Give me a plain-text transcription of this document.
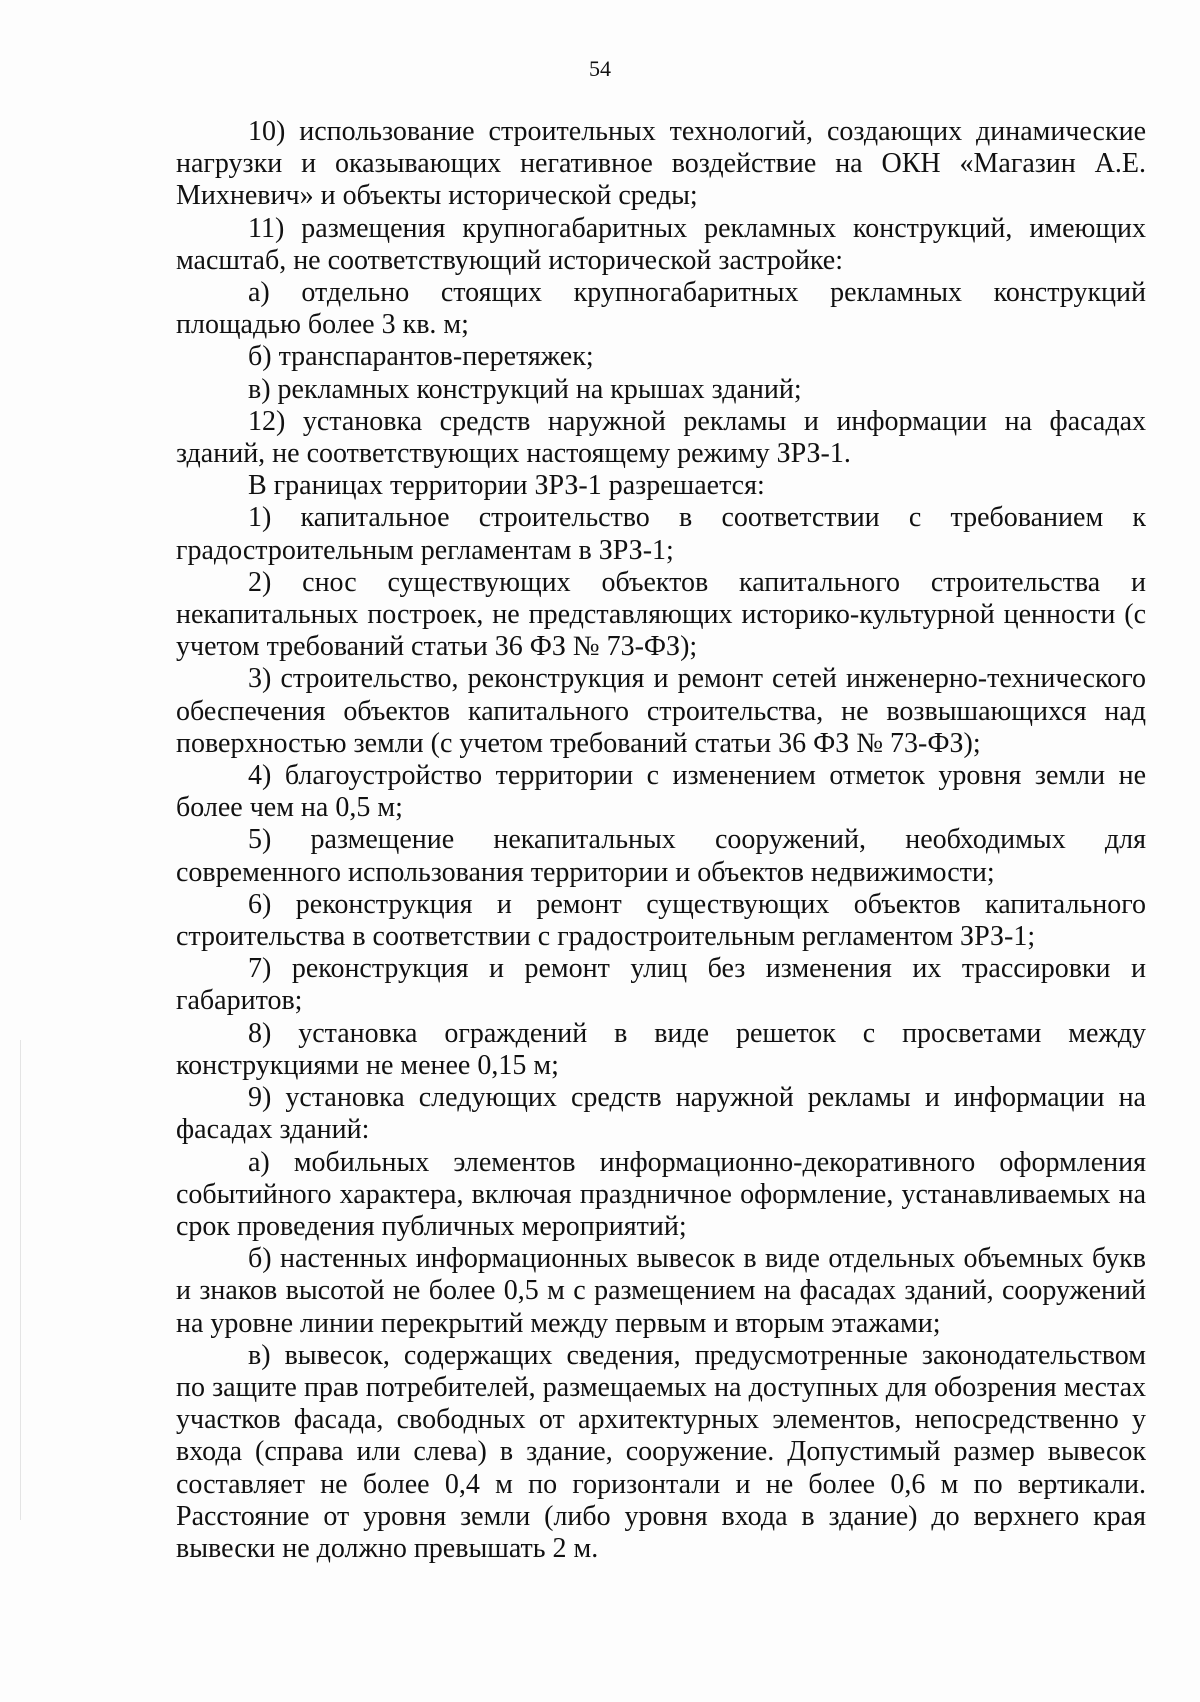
54

10) использование строительных технологий, создающих динамические нагрузки и оказывающих негативное воздействие на ОКН «Магазин А.Е. Михневич» и объекты исторической среды;

11) размещения крупногабаритных рекламных конструкций, имеющих масштаб, не соответствующий исторической застройке:

а) отдельно стоящих крупногабаритных рекламных конструкций площадью более 3 кв. м;

б) транспарантов-перетяжек;

в) рекламных конструкций на крышах зданий;

12) установка средств наружной рекламы и информации на фасадах зданий, не соответствующих настоящему режиму ЗРЗ-1.

В границах территории ЗРЗ-1 разрешается:

1) капитальное строительство в соответствии с требованием к градостроительным регламентам в ЗРЗ-1;

2) снос существующих объектов капитального строительства и некапитальных построек, не представляющих историко-культурной ценности (с учетом требований статьи 36 ФЗ № 73-ФЗ);

3) строительство, реконструкция и ремонт сетей инженерно-технического обеспечения объектов капитального строительства, не возвышающихся над поверхностью земли (с учетом требований статьи 36 ФЗ № 73-ФЗ);

4) благоустройство территории с изменением отметок уровня земли не более чем на 0,5 м;

5) размещение некапитальных сооружений, необходимых для современного использования территории и объектов недвижимости;

6) реконструкция и ремонт существующих объектов капитального строительства в соответствии с градостроительным регламентом ЗРЗ-1;

7) реконструкция и ремонт улиц без изменения их трассировки и габаритов;

8) установка ограждений в виде решеток с просветами между конструкциями не менее 0,15 м;

9) установка следующих средств наружной рекламы и информации на фасадах зданий:

а) мобильных элементов информационно-декоративного оформления событийного характера, включая праздничное оформление, устанавливаемых на срок проведения публичных мероприятий;

б) настенных информационных вывесок в виде отдельных объемных букв и знаков высотой не более 0,5 м с размещением на фасадах зданий, сооружений на уровне линии перекрытий между первым и вторым этажами;

в) вывесок, содержащих сведения, предусмотренные законодательством по защите прав потребителей, размещаемых на доступных для обозрения местах участков фасада, свободных от архитектурных элементов, непосредственно у входа (справа или слева) в здание, сооружение. Допустимый размер вывесок составляет не более 0,4 м по горизонтали и не более 0,6 м по вертикали. Расстояние от уровня земли (либо уровня входа в здание) до верхнего края вывески не должно превышать 2 м.
